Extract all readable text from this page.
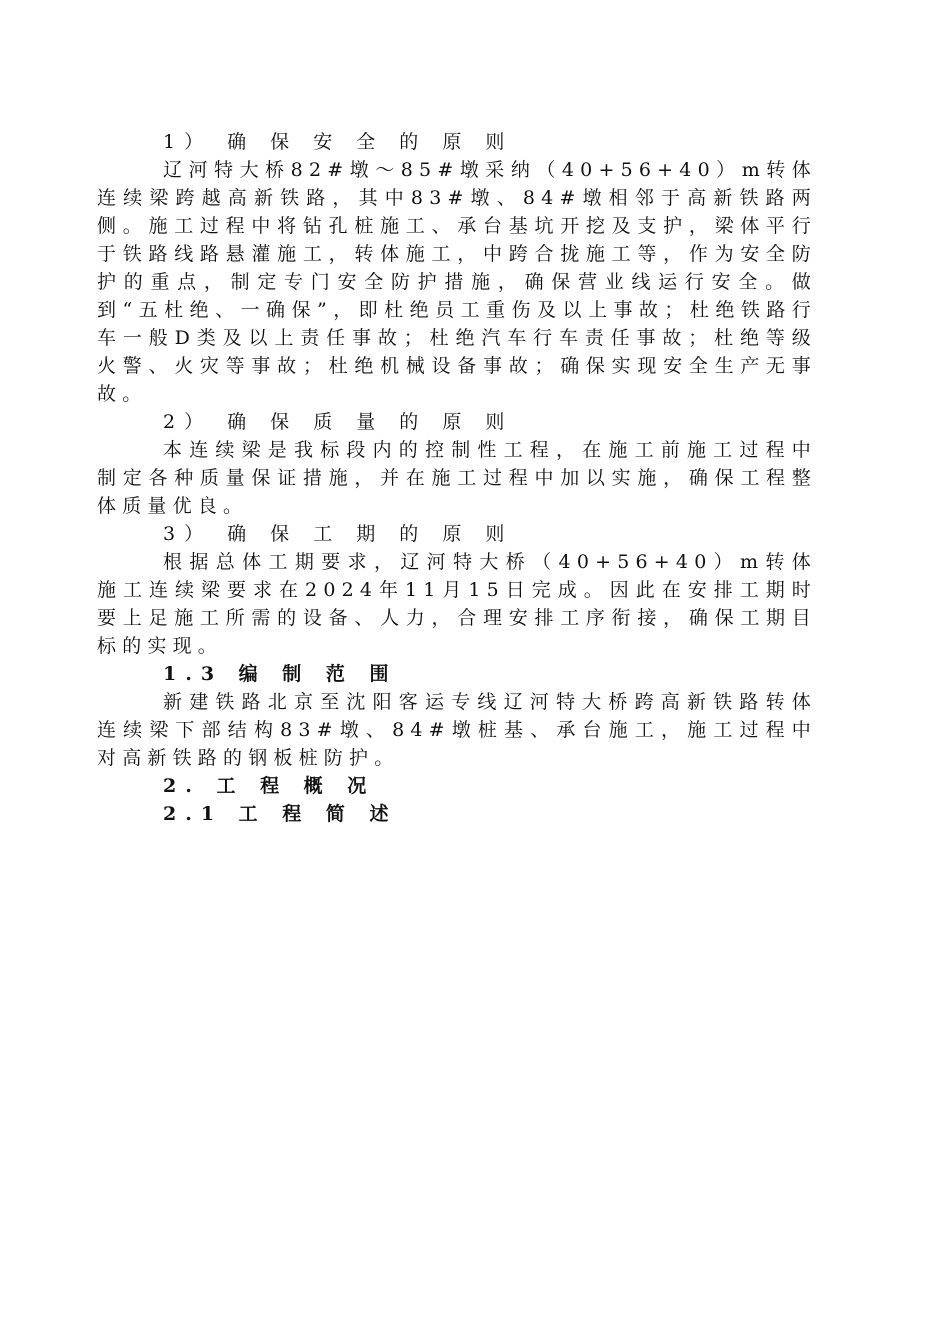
1） 确 保 安 全 的 原 则

辽河特大桥82#墩～85#墩采纳（40+56+40）m转体连续梁跨越高新铁路，其中83#墩、84#墩相邻于高新铁路两侧。施工过程中将钻孔桩施工、承台基坑开挖及支护，梁体平行于铁路线路悬灌施工，转体施工，中跨合拢施工等，作为安全防护的重点，制定专门安全防护措施，确保营业线运行安全。做到“五杜绝、一确保”，即杜绝员工重伤及以上事故；杜绝铁路行车一般D类及以上责任事故；杜绝汽车行车责任事故；杜绝等级火警、火灾等事故；杜绝机械设备事故；确保实现安全生产无事故。

2） 确 保 质 量 的 原 则

本连续梁是我标段内的控制性工程，在施工前施工过程中制定各种质量保证措施，并在施工过程中加以实施，确保工程整体质量优良。

3） 确 保 工 期 的 原 则

根据总体工期要求，辽河特大桥（40+56+40）m转体施工连续梁要求在2024年11月15日完成。因此在安排工期时要上足施工所需的设备、人力，合理安排工序衔接，确保工期目标的实现。

1.3 编 制 范 围

新建铁路北京至沈阳客运专线辽河特大桥跨高新铁路转体连续梁下部结构83#墩、84#墩桩基、承台施工，施工过程中对高新铁路的钢板桩防护。

2. 工 程 概 况
2.1 工 程 简 述
